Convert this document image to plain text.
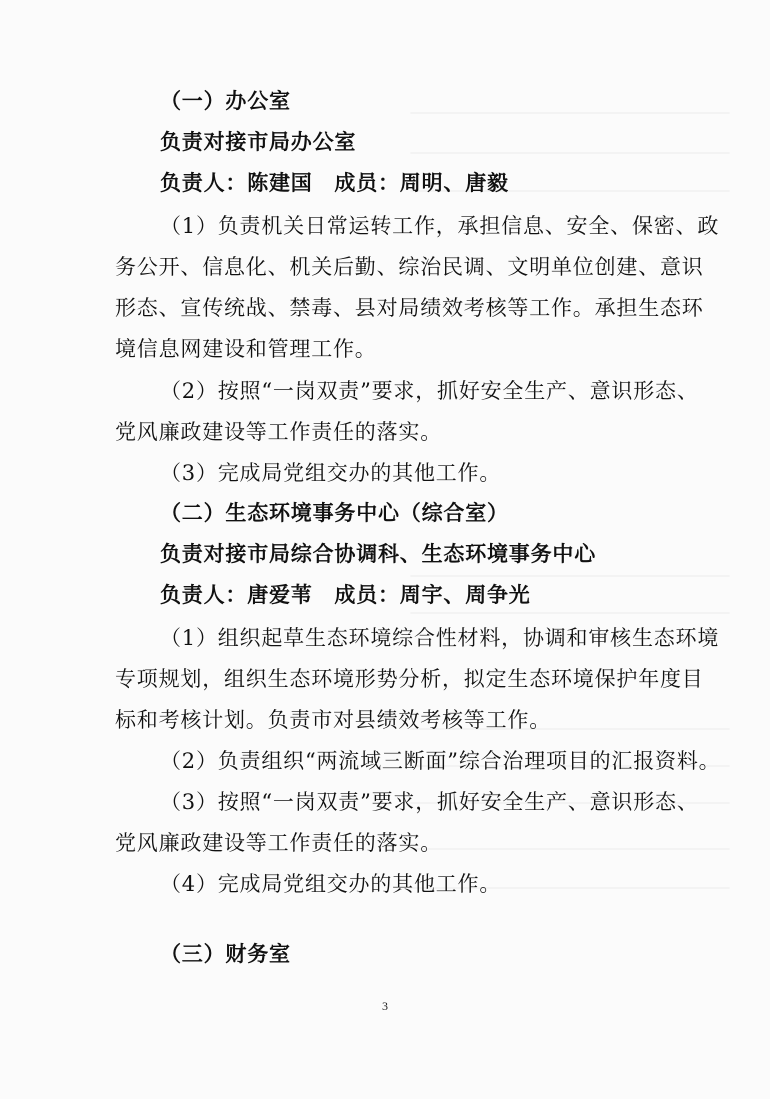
（一）办公室
负责对接市局办公室
负责人：陈建国　成员：周明、唐毅
（1）负责机关日常运转工作，承担信息、安全、保密、政
务公开、信息化、机关后勤、综治民调、文明单位创建、意识
形态、宣传统战、禁毒、县对局绩效考核等工作。承担生态环
境信息网建设和管理工作。
（2）按照“一岗双责”要求，抓好安全生产、意识形态、
党风廉政建设等工作责任的落实。
（3）完成局党组交办的其他工作。
（二）生态环境事务中心（综合室）
负责对接市局综合协调科、生态环境事务中心
负责人：唐爱苇　成员：周宇、周争光
（1）组织起草生态环境综合性材料，协调和审核生态环境
专项规划，组织生态环境形势分析，拟定生态环境保护年度目
标和考核计划。负责市对县绩效考核等工作。
（2）负责组织“两流域三断面”综合治理项目的汇报资料。
（3）按照“一岗双责”要求，抓好安全生产、意识形态、
党风廉政建设等工作责任的落实。
（4）完成局党组交办的其他工作。
（三）财务室
3
